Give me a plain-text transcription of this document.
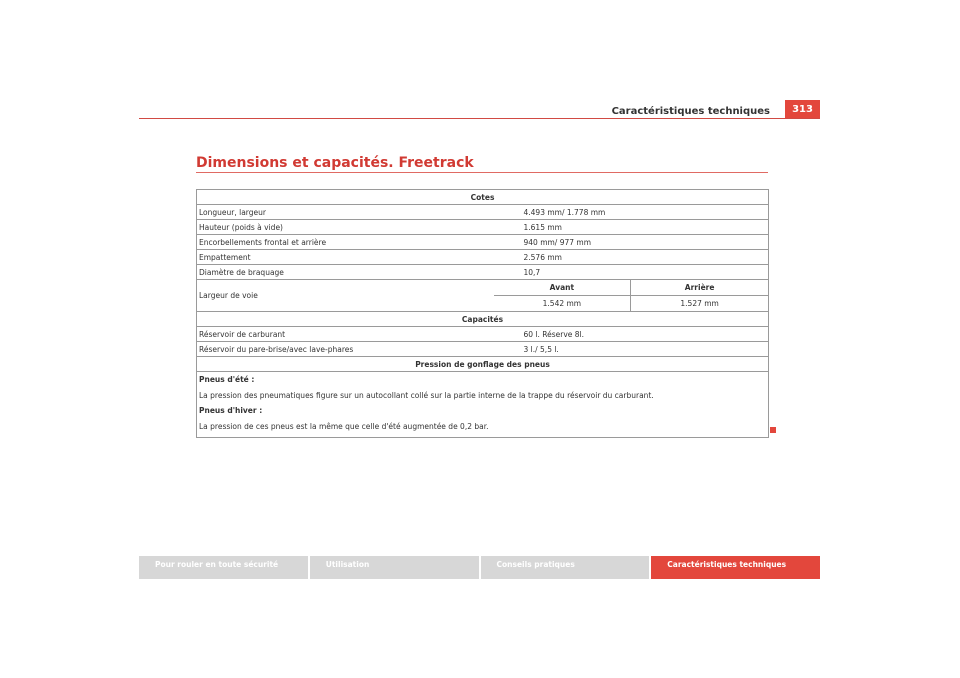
Caractéristiques techniques	313
Dimensions et capacités. Freetrack
Cotes
Longueur, largeur	4.493 mm/ 1.778 mm
Hauteur (poids à vide)	1.615 mm
Encorbellements frontal et arrière	940 mm/ 977 mm
Empattement	2.576 mm
Diamètre de braquage	10,7
Largeur de voie	
Avant	Arrière
1.542 mm	1.527 mm

Capacités
Réservoir de carburant	60 l. Réserve 8l.
Réservoir du pare-brise/avec lave-phares	3 l./ 5,5 l.
Pression de gonflage des pneus

Pneus d'été :
La pression des pneumatiques figure sur un autocollant collé sur la partie interne de la trappe du réservoir du carburant.
Pneus d'hiver :
La pression de ces pneus est la même que celle d'été augmentée de 0,2 bar.
Pour rouler en toute sécurité	Utilisation	Conseils pratiques	Caractéristiques techniques
